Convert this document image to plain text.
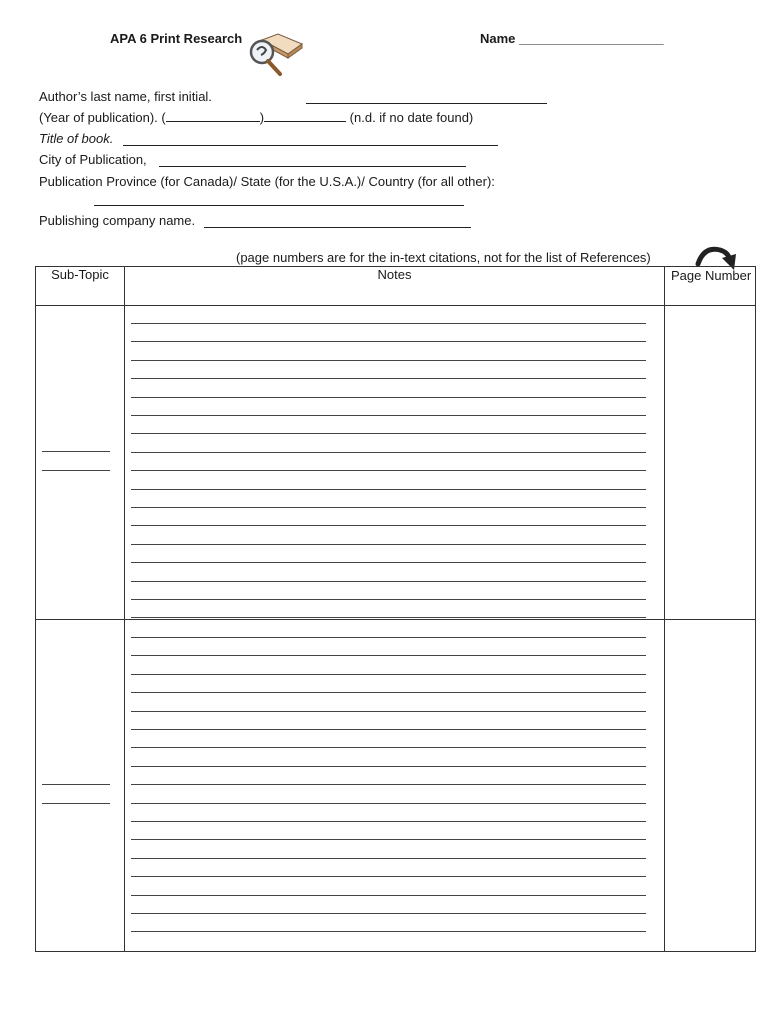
APA 6 Print Research	Name ____________________
Author’s last name, first initial.
(Year of publication). (	)	(n.d. if no date found)
Title of book.
City of Publication,
Publication Province (for Canada)/ State (for the U.S.A.)/ Country (for all other):
Publishing company name.
(page numbers are for the in-text citations, not for the list of References)
Sub-Topic	Notes	Page Number
